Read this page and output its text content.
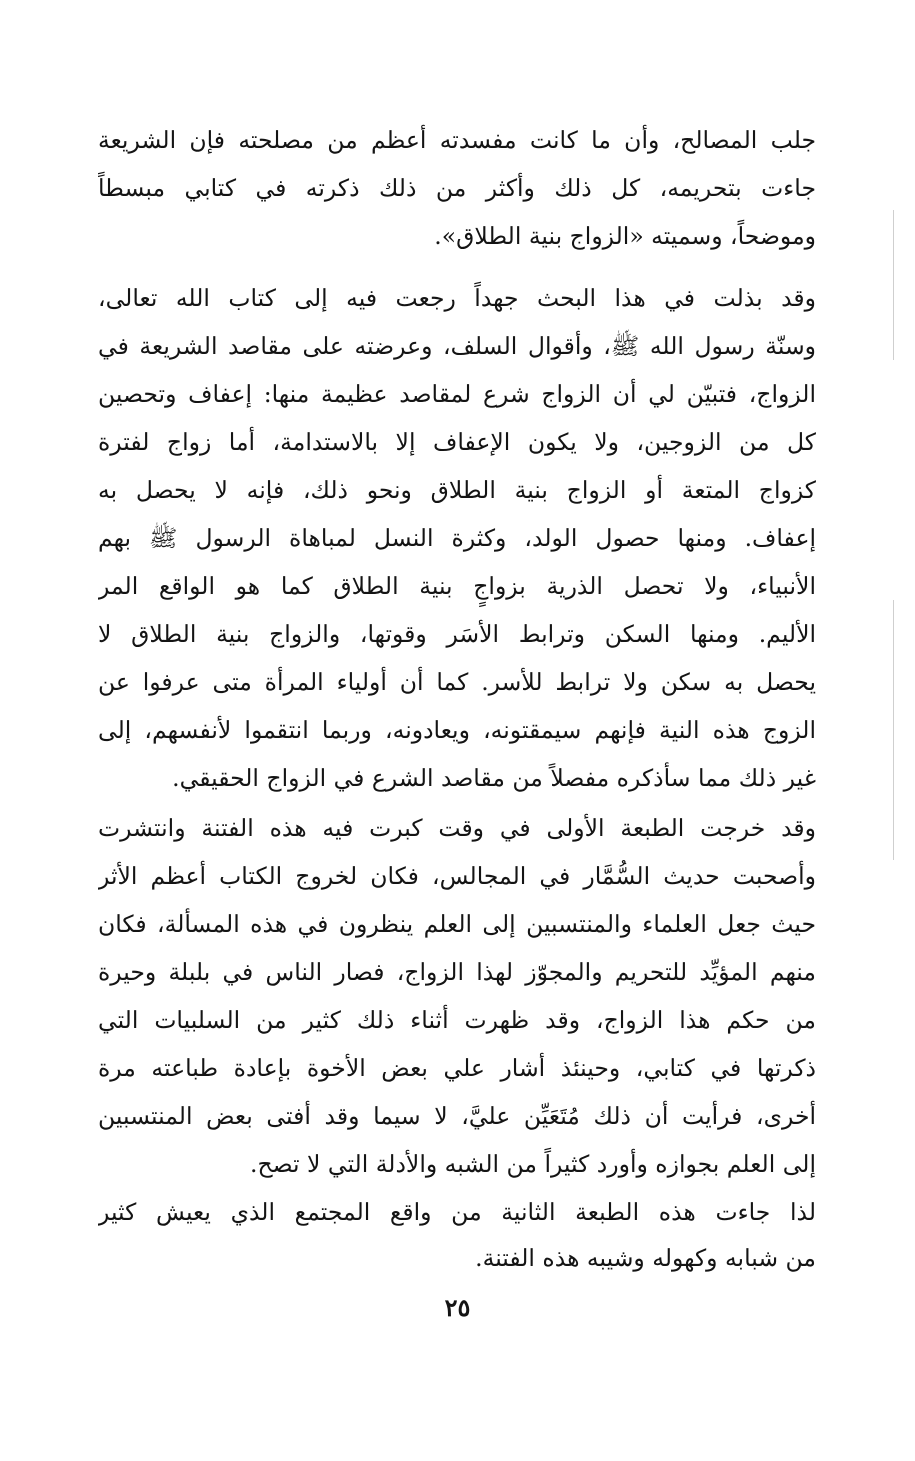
جلب المصالح، وأن ما كانت مفسدته أعظم من مصلحته فإن الشريعة
جاءت بتحريمه، كل ذلك وأكثر من ذلك ذكرته في كتابي مبسطاً
وموضحاً، وسميته «الزواج بنية الطلاق».
وقد بذلت في هذا البحث جهداً رجعت فيه إلى كتاب الله تعالى،
وسنّة رسول الله ﷺ، وأقوال السلف، وعرضته على مقاصد الشريعة في
الزواج، فتبيّن لي أن الزواج شرع لمقاصد عظيمة منها: إعفاف وتحصين
كل من الزوجين، ولا يكون الإعفاف إلا بالاستدامة، أما زواج لفترة
كزواج المتعة أو الزواج بنية الطلاق ونحو ذلك، فإنه لا يحصل به
إعفاف. ومنها حصول الولد، وكثرة النسل لمباهاة الرسول ﷺ بهم
الأنبياء، ولا تحصل الذرية بزواجٍ بنية الطلاق كما هو الواقع المر
الأليم. ومنها السكن وترابط الأسَر وقوتها، والزواج بنية الطلاق لا
يحصل به سكن ولا ترابط للأسر. كما أن أولياء المرأة متى عرفوا عن
الزوج هذه النية فإنهم سيمقتونه، ويعادونه، وربما انتقموا لأنفسهم، إلى
غير ذلك مما سأذكره مفصلاً من مقاصد الشرع في الزواج الحقيقي.
وقد خرجت الطبعة الأولى في وقت كبرت فيه هذه الفتنة وانتشرت
وأصحبت حديث السُّمَّار في المجالس، فكان لخروج الكتاب أعظم الأثر
حيث جعل العلماء والمنتسبين إلى العلم ينظرون في هذه المسألة، فكان
منهم المؤيِّد للتحريم والمجوّز لهذا الزواج، فصار الناس في بلبلة وحيرة
من حكم هذا الزواج، وقد ظهرت أثناء ذلك كثير من السلبيات التي
ذكرتها في كتابي، وحينئذ أشار علي بعض الأخوة بإعادة طباعته مرة
أخرى، فرأيت أن ذلك مُتَعَيِّن عليَّ، لا سيما وقد أفتى بعض المنتسبين
إلى العلم بجوازه وأورد كثيراً من الشبه والأدلة التي لا تصح.
لذا جاءت هذه الطبعة الثانية من واقع المجتمع الذي يعيش كثير
من شبابه وكهوله وشيبه هذه الفتنة.
٢٥
